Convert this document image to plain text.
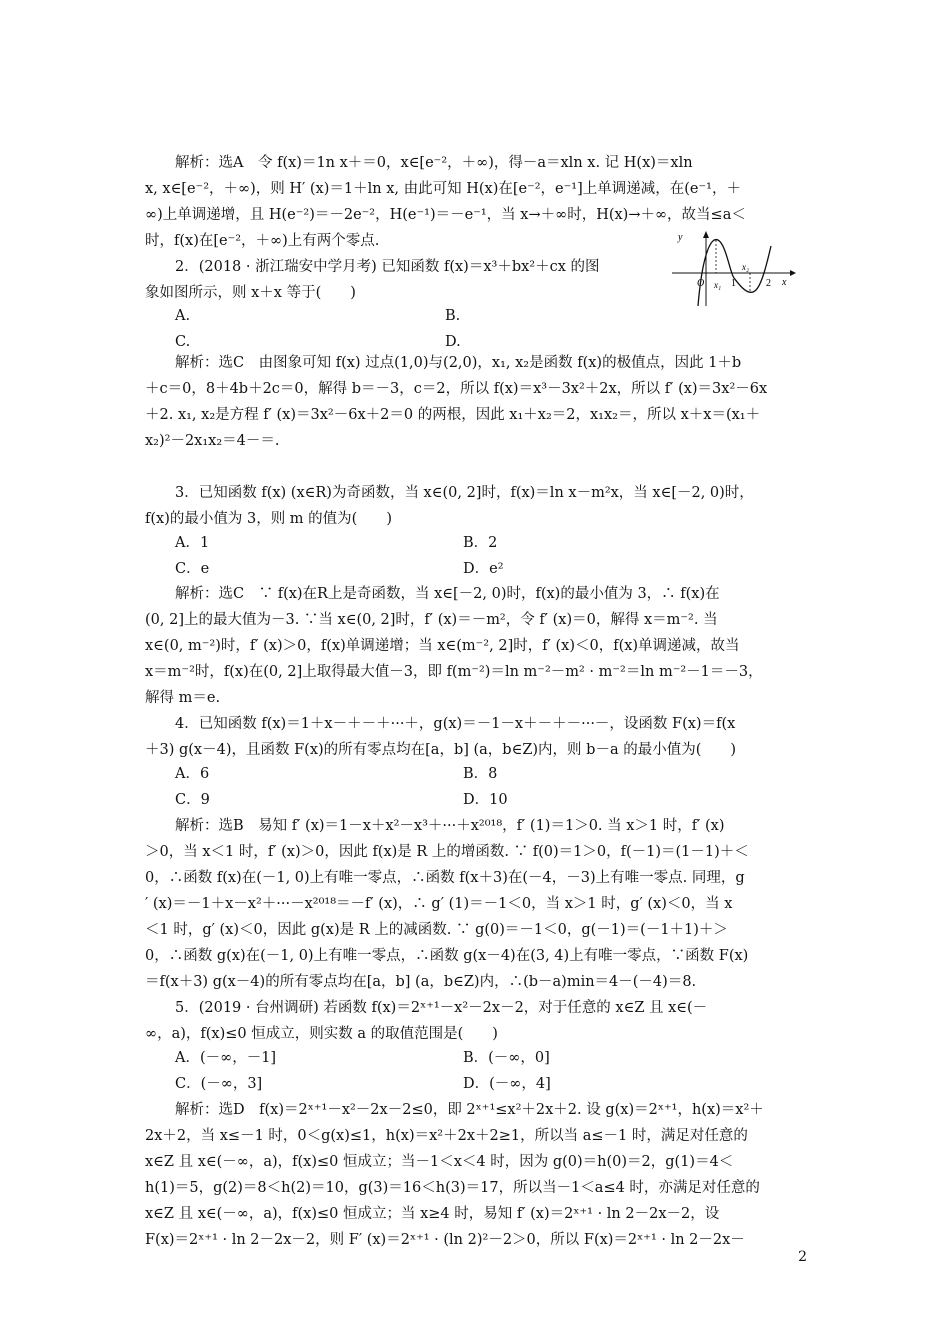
解析：选A　令 f(x)＝1n x＋＝0，x∈[e⁻²，＋∞)，得－a＝xln x. 记 H(x)＝xln
x, x∈[e⁻²，＋∞)，则 H′ (x)＝1＋ln x, 由此可知 H(x)在[e⁻²，e⁻¹]上单调递减，在(e⁻¹，＋
∞)上单调递增，且 H(e⁻²)＝－2e⁻²，H(e⁻¹)＝－e⁻¹，当 x→＋∞时，H(x)→＋∞，故当≤a＜
时，f(x)在[e⁻²，＋∞)上有两个零点.
2．(2018 · 浙江瑞安中学月考) 已知函数 f(x)＝x³＋bx²＋cx 的图
象如图所示，则 x＋x 等于(　　)
A.	B.
C.	D.
y
O x₁ 1
x₂
2 x
解析：选C　由图象可知 f(x) 过点(1,0)与(2,0)，x₁, x₂是函数 f(x)的极值点，因此 1＋b
＋c＝0，8＋4b＋2c＝0，解得 b＝－3，c＝2，所以 f(x)＝x³－3x²＋2x，所以 f′ (x)＝3x²－6x
＋2. x₁, x₂是方程 f′ (x)＝3x²－6x＋2＝0 的两根，因此 x₁＋x₂＝2，x₁x₂＝，所以 x＋x＝(x₁＋
x₂)²－2x₁x₂＝4－＝.
3．已知函数 f(x) (x∈R)为奇函数，当 x∈(0, 2]时，f(x)＝ln x－m²x，当 x∈[－2, 0)时，
f(x)的最小值为 3，则 m 的值为(　　)
A．1	B．2
C．e	D．e²
解析：选C　∵ f(x)在R上是奇函数，当 x∈[－2, 0)时，f(x)的最小值为 3，∴ f(x)在
(0, 2]上的最大值为－3. ∵当 x∈(0, 2]时，f′ (x)＝－m²，令 f′ (x)＝0，解得 x＝m⁻². 当
x∈(0, m⁻²)时，f′ (x)＞0，f(x)单调递增；当 x∈(m⁻², 2]时，f′ (x)＜0，f(x)单调递减，故当
x＝m⁻²时，f(x)在(0, 2]上取得最大值－3，即 f(m⁻²)＝ln m⁻²－m² · m⁻²＝ln m⁻²－1＝－3，
解得 m＝e.
4．已知函数 f(x)＝1＋x－＋－＋···＋，g(x)＝－1－x＋－＋－···－，设函数 F(x)＝f(x
＋3) g(x－4)，且函数 F(x)的所有零点均在[a，b] (a，b∈Z)内，则 b－a 的最小值为(　　)
A．6	B．8
C．9	D．10
解析：选B　易知 f′ (x)＝1－x＋x²－x³＋···＋x²⁰¹⁸，f′ (1)＝1＞0. 当 x＞1 时，f′ (x)
＞0，当 x＜1 时，f′ (x)＞0，因此 f(x)是 R 上的增函数. ∵ f(0)＝1＞0，f(－1)＝(1－1)＋＜
0，∴函数 f(x)在(－1, 0)上有唯一零点，∴函数 f(x＋3)在(－4，－3)上有唯一零点. 同理，g
′ (x)＝－1＋x－x²＋···－x²⁰¹⁸＝－f′ (x)，∴ g′ (1)＝－1＜0，当 x＞1 时，g′ (x)＜0，当 x
＜1 时，g′ (x)＜0，因此 g(x)是 R 上的减函数. ∵ g(0)＝－1＜0，g(－1)＝(－1＋1)＋＞
0，∴函数 g(x)在(－1, 0)上有唯一零点，∴函数 g(x－4)在(3, 4)上有唯一零点，∵函数 F(x)
＝f(x＋3) g(x－4)的所有零点均在[a，b] (a，b∈Z)内，∴(b－a)min＝4－(－4)＝8.
5．(2019 · 台州调研) 若函数 f(x)＝2ˣ⁺¹－x²－2x－2，对于任意的 x∈Z 且 x∈(－
∞，a)，f(x)≤0 恒成立，则实数 a 的取值范围是(　　)
A．(－∞，－1]	B．(－∞，0]
C．(－∞，3]	D．(－∞，4]
解析：选D　f(x)＝2ˣ⁺¹－x²－2x－2≤0，即 2ˣ⁺¹≤x²＋2x＋2. 设 g(x)＝2ˣ⁺¹，h(x)＝x²＋
2x＋2，当 x≤－1 时，0＜g(x)≤1，h(x)＝x²＋2x＋2≥1，所以当 a≤－1 时，满足对任意的
x∈Z 且 x∈(－∞，a)，f(x)≤0 恒成立；当－1＜x＜4 时，因为 g(0)＝h(0)＝2，g(1)＝4＜
h(1)＝5，g(2)＝8＜h(2)＝10，g(3)＝16＜h(3)＝17，所以当－1＜a≤4 时，亦满足对任意的
x∈Z 且 x∈(－∞，a)，f(x)≤0 恒成立；当 x≥4 时，易知 f′ (x)＝2ˣ⁺¹ · ln 2－2x－2，设
F(x)＝2ˣ⁺¹ · ln 2－2x－2，则 F′ (x)＝2ˣ⁺¹ · (ln 2)²－2＞0，所以 F(x)＝2ˣ⁺¹ · ln 2－2x－
2
